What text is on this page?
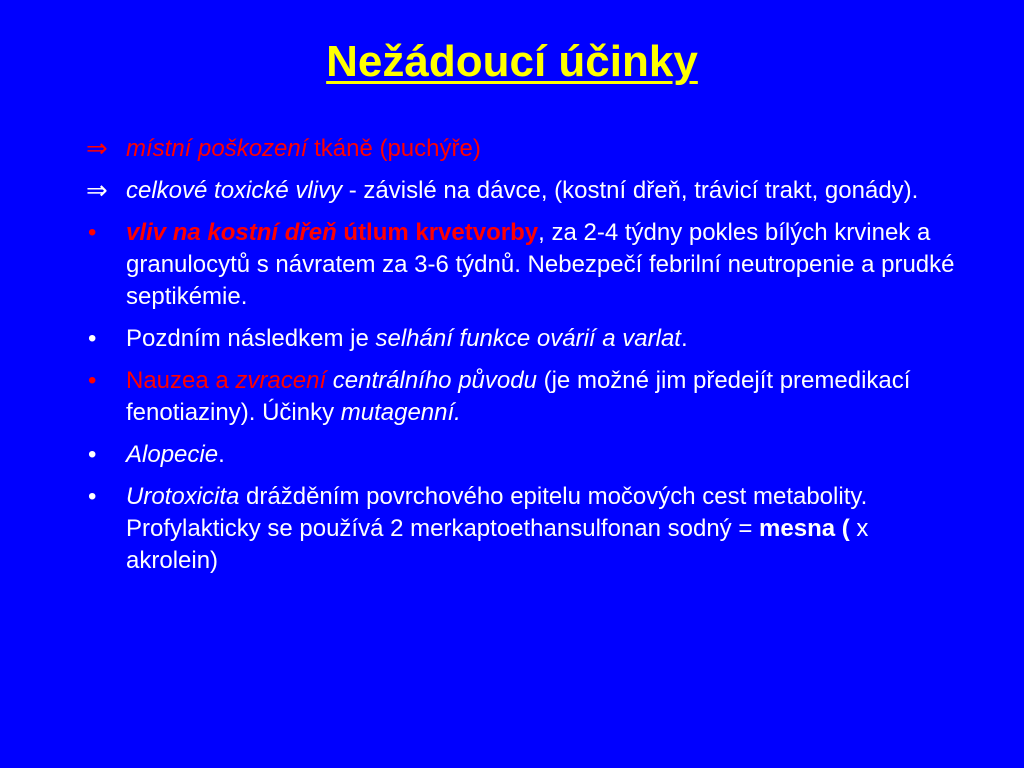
Nežádoucí účinky
⇒ místní poškození tkáně (puchýře)
⇒ celkové toxické vlivy - závislé na dávce, (kostní dřeň, trávicí trakt, gonády).
•	vliv na kostní dřeň útlum krvetvorby, za 2-4 týdny pokles bílých krvinek a granulocytů s návratem za 3-6 týdnů. Nebezpečí febrilní neutropenie a prudké septikémie.
•	Pozdním následkem je selhání funkce ovárií a varlat.
•	Nauzea a zvracení centrálního původu (je možné jim předejít premedikací fenotiaziny). Účinky mutagenní.
•	Alopecie.
•	Urotoxicita drážděním povrchového epitelu močových cest metabolity. Profylakticky se používá 2 merkaptoethansulfonan sodný = mesna ( x akrolein)
